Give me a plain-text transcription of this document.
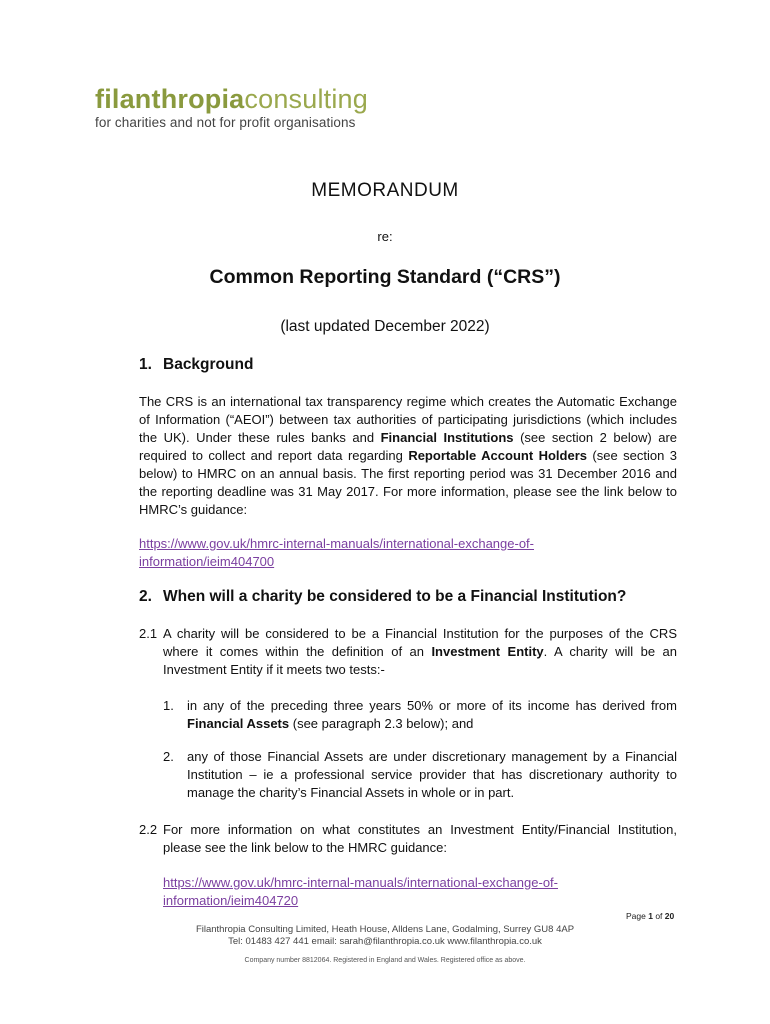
filanthropiaconsulting
for charities and not for profit organisations
MEMORANDUM
re:
Common Reporting Standard (“CRS”)
(last updated December 2022)
1. Background
The CRS is an international tax transparency regime which creates the Automatic Exchange of Information (“AEOI”) between tax authorities of participating jurisdictions (which includes the UK). Under these rules banks and Financial Institutions (see section 2 below) are required to collect and report data regarding Reportable Account Holders (see section 3 below) to HMRC on an annual basis. The first reporting period was 31 December 2016 and the reporting deadline was 31 May 2017. For more information, please see the link below to HMRC’s guidance:
https://www.gov.uk/hmrc-internal-manuals/international-exchange-of-
information/ieim404700
2. When will a charity be considered to be a Financial Institution?
2.1 A charity will be considered to be a Financial Institution for the purposes of the CRS where it comes within the definition of an Investment Entity. A charity will be an Investment Entity if it meets two tests:-
1. in any of the preceding three years 50% or more of its income has derived from Financial Assets (see paragraph 2.3 below); and
2. any of those Financial Assets are under discretionary management by a Financial Institution – ie a professional service provider that has discretionary authority to manage the charity’s Financial Assets in whole or in part.
2.2 For more information on what constitutes an Investment Entity/Financial Institution, please see the link below to the HMRC guidance:
https://www.gov.uk/hmrc-internal-manuals/international-exchange-of-
information/ieim404720
Page 1 of 20
Filanthropia Consulting Limited, Heath House, Alldens Lane, Godalming, Surrey GU8 4AP
Tel: 01483 427 441 email: sarah@filanthropia.co.uk www.filanthropia.co.uk
Company number 8812064. Registered in England and Wales. Registered office as above.
